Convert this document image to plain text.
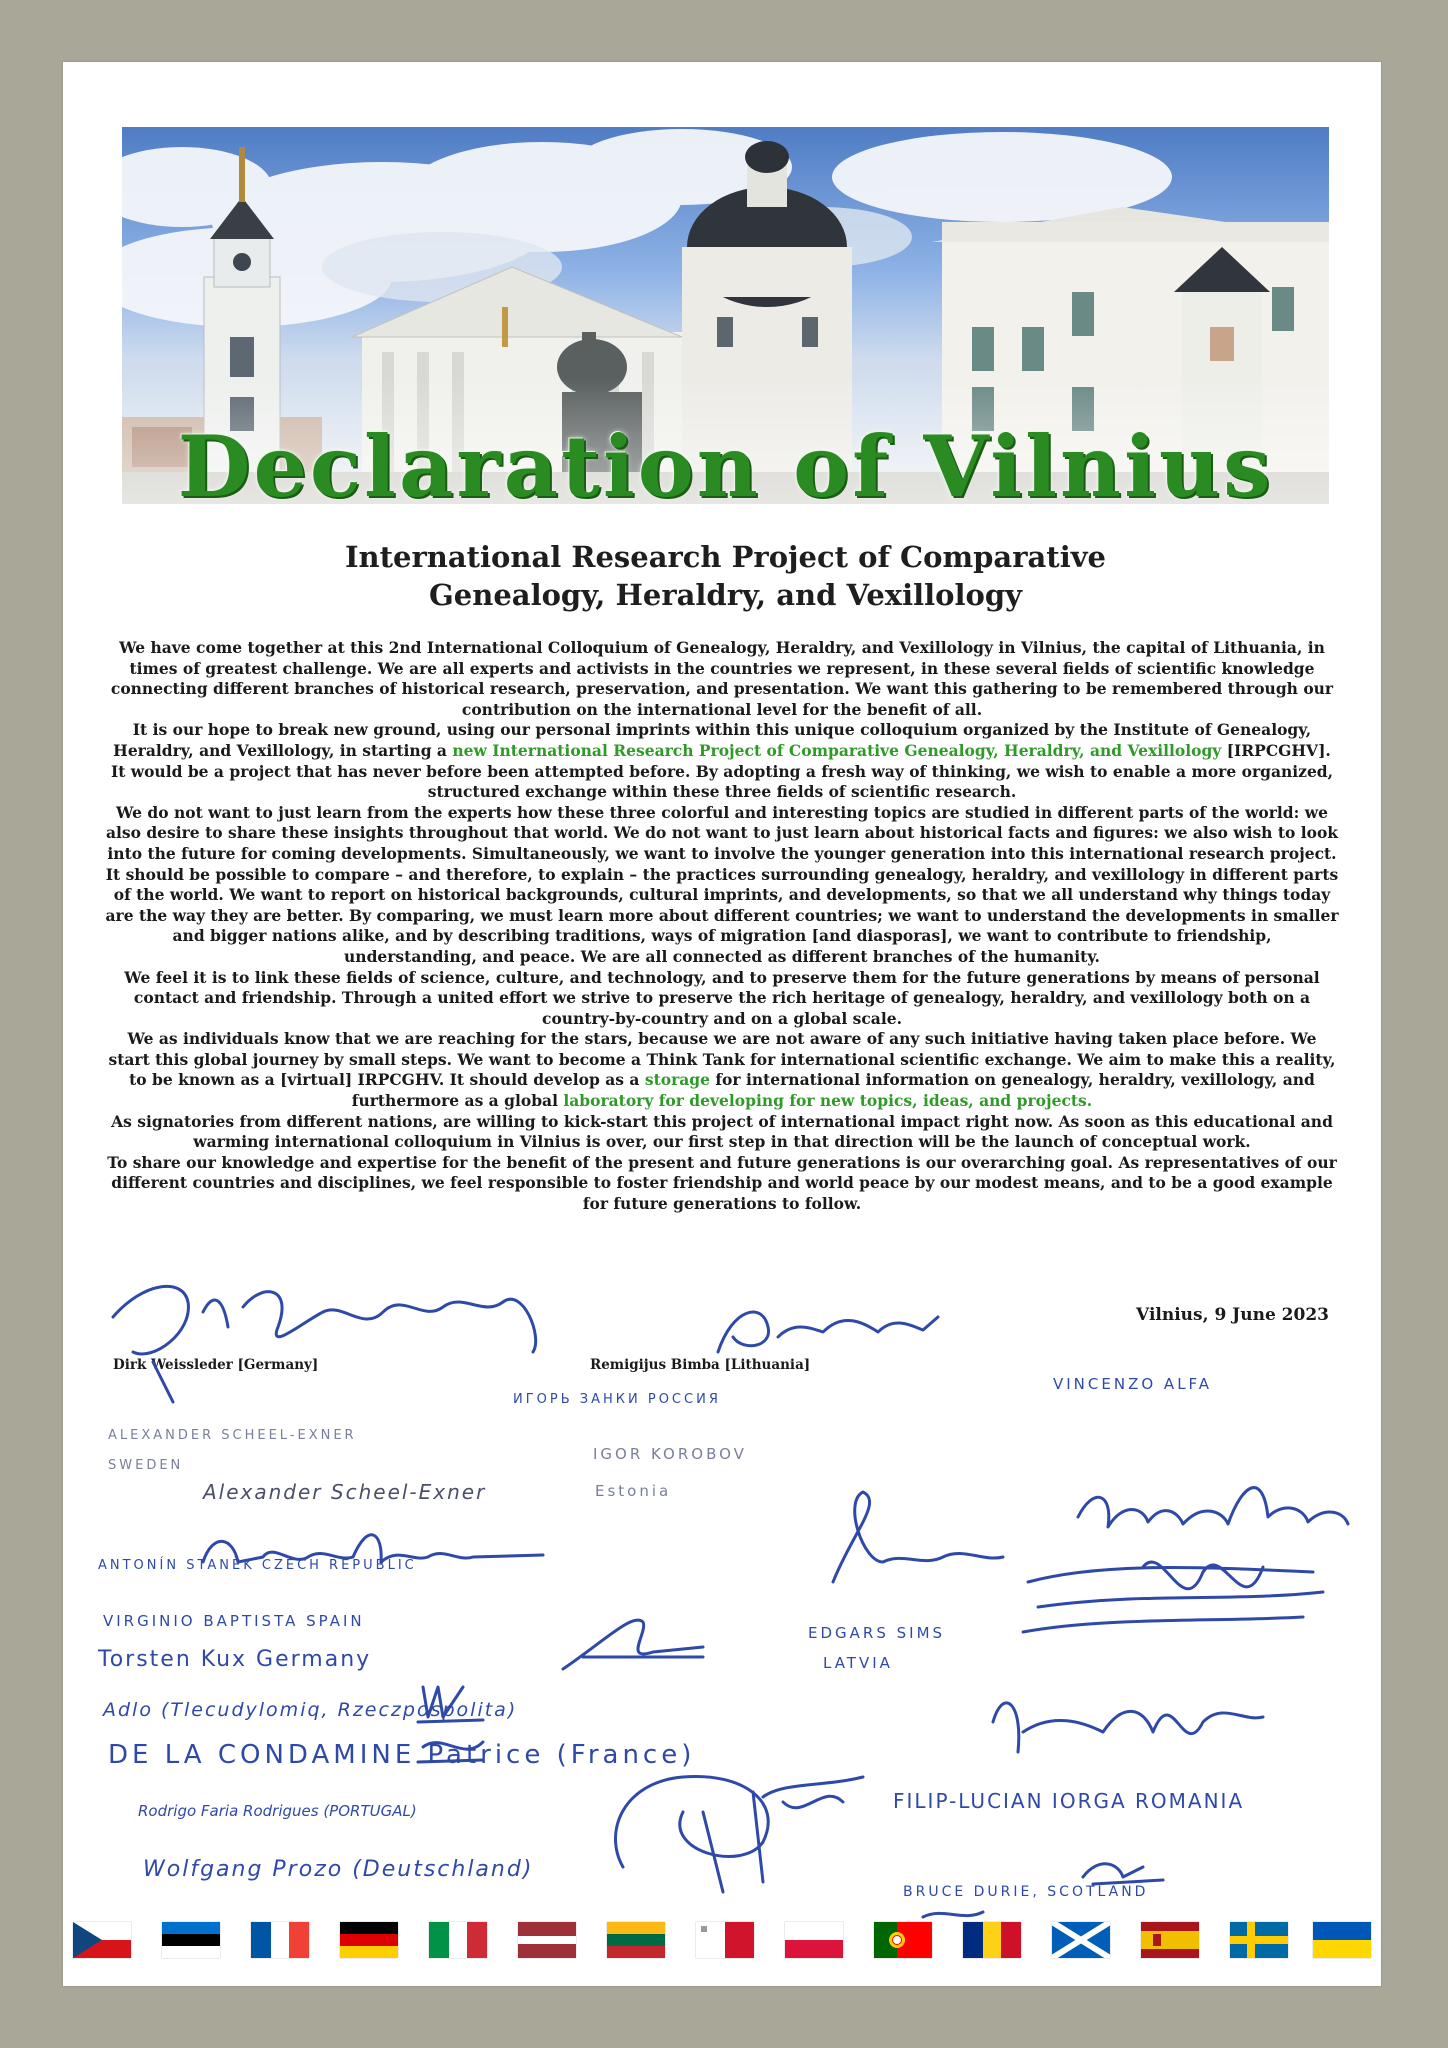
Declaration of Vilnius
International Research Project of Comparative
Genealogy, Heraldry, and Vexillology

We have come together at this 2nd International Colloquium of Genealogy, Heraldry, and Vexillology in Vilnius, the capital of Lithuania, in times of greatest challenge. We are all experts and activists in the countries we represent, in these several fields of scientific knowledge connecting different branches of historical research, preservation, and presentation. We want this gathering to be remembered through our contribution on the international level for the benefit of all.

It is our hope to break new ground, using our personal imprints within this unique colloquium organized by the Institute of Genealogy, Heraldry, and Vexillology, in starting a new International Research Project of Comparative Genealogy, Heraldry, and Vexillology [IRPCGHV]. It would be a project that has never before been attempted before. By adopting a fresh way of thinking, we wish to enable a more organized, structured exchange within these three fields of scientific research.

We do not want to just learn from the experts how these three colorful and interesting topics are studied in different parts of the world: we also desire to share these insights throughout that world. We do not want to just learn about historical facts and figures: we also wish to look into the future for coming developments. Simultaneously, we want to involve the younger generation into this international research project.

It should be possible to compare – and therefore, to explain – the practices surrounding genealogy, heraldry, and vexillology in different parts of the world. We want to report on historical backgrounds, cultural imprints, and developments, so that we all understand why things today are the way they are better. By comparing, we must learn more about different countries; we want to understand the developments in smaller and bigger nations alike, and by describing traditions, ways of migration [and diasporas], we want to contribute to friendship, understanding, and peace. We are all connected as different branches of the humanity.

We feel it is to link these fields of science, culture, and technology, and to preserve them for the future generations by means of personal contact and friendship. Through a united effort we strive to preserve the rich heritage of genealogy, heraldry, and vexillology both on a country-by-country and on a global scale.

We as individuals know that we are reaching for the stars, because we are not aware of any such initiative having taken place before. We start this global journey by small steps. We want to become a Think Tank for international scientific exchange. We aim to make this a reality, to be known as a [virtual] IRPCGHV. It should develop as a storage for international information on genealogy, heraldry, vexillology, and furthermore as a global laboratory for developing for new topics, ideas, and projects.

As signatories from different nations, are willing to kick-start this project of international impact right now. As soon as this educational and warming international colloquium in Vilnius is over, our first step in that direction will be the launch of conceptual work.

To share our knowledge and expertise for the benefit of the present and future generations is our overarching goal. As representatives of our different countries and disciplines, we feel responsible to foster friendship and world peace by our modest means, and to be a good example for future generations to follow.

Vilnius, 9 June 2023
Dirk Weissleder [Germany]	Remigijus Bimba [Lithuania]
VINCENZO ALFA
ИГОРЬ ЗАНКИ РОССИЯ
ALEXANDER SCHEEL-EXNER
SWEDEN
Alexander Scheel-Exner
IGOR KOROBOV
Estonia
ANTONÍN STANĚK CZECH REPUBLIC
VIRGINIO BAPTISTA SPAIN
Torsten Kux Germany
EDGARS SIMS
LATVIA
Adlo (Tlecudylomiq, Rzeczpospolita)
DE LA CONDAMINE Patrice (France)
Rodrigo Faria Rodrigues (PORTUGAL)	FILIP-LUCIAN IORGA ROMANIA
Wolfgang Prozo (Deutschland)
BRUCE DURIE, SCOTLAND
